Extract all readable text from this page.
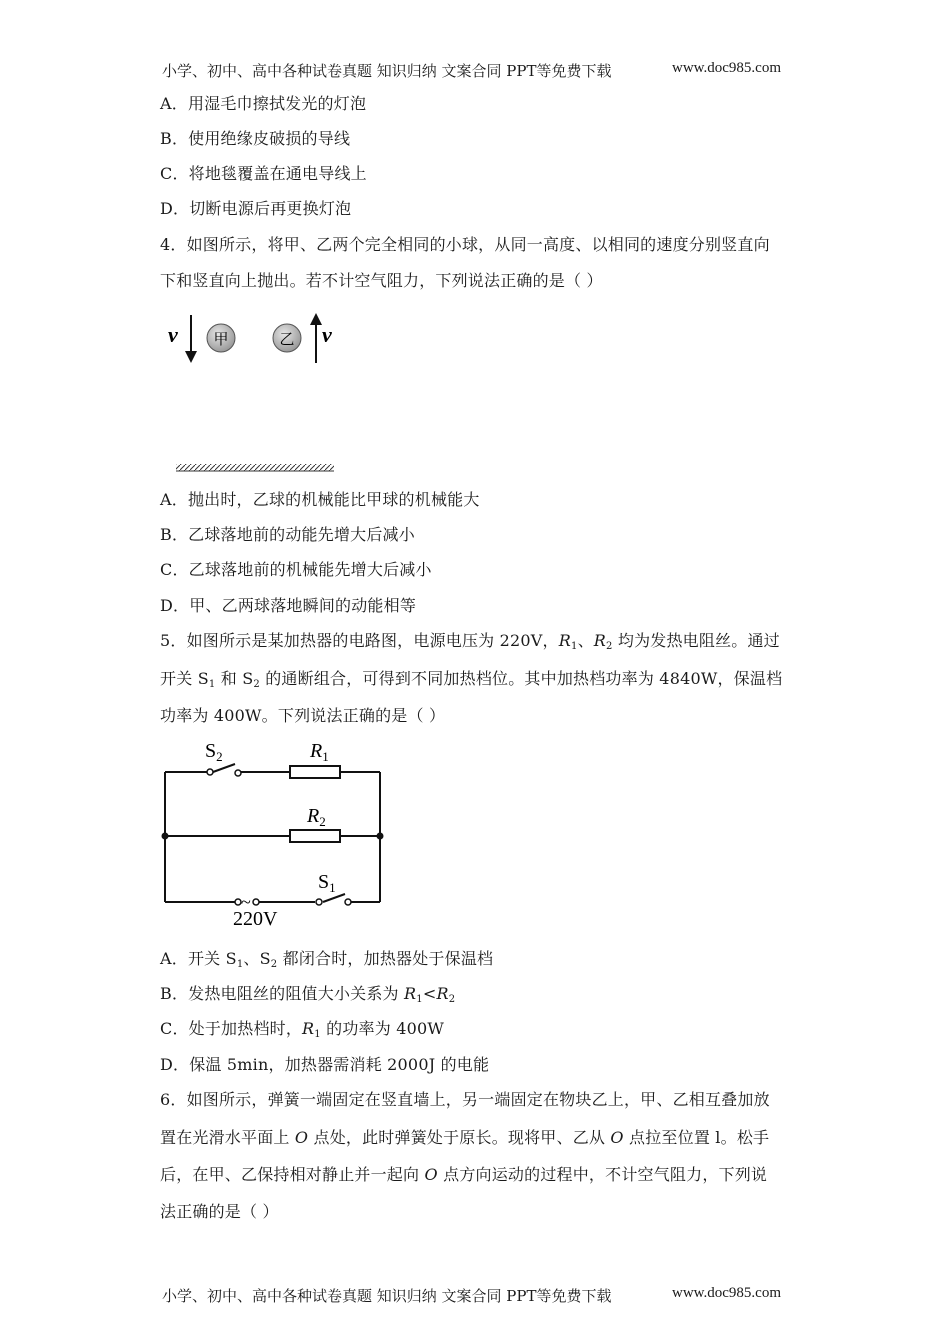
小学、初中、高中各种试卷真题 知识归纳 文案合同 PPT等免费下载	www.doc985.com
A．用湿毛巾擦拭发光的灯泡
B．使用绝缘皮破损的导线
C．将地毯覆盖在通电导线上
D．切断电源后再更换灯泡
4．如图所示，将甲、乙两个完全相同的小球，从同一高度、以相同的速度分别竖直向
下和竖直向上抛出。若不计空气阻力，下列说法正确的是（ ）
v 甲	乙 v
A．抛出时，乙球的机械能比甲球的机械能大
B．乙球落地前的动能先增大后减小
C．乙球落地前的机械能先增大后减小
D．甲、乙两球落地瞬间的动能相等
5．如图所示是某加热器的电路图，电源电压为 220V，$R_1$、$R_2$ 均为发热电阻丝。通过
开关 $S_1$ 和 $S_2$ 的通断组合，可得到不同加热档位。其中加热档功率为 4840W，保温档
功率为 400W。下列说法正确的是（ ）
$S_2$	$R_1$
$R_2$
$S_1$
~
220V
A．开关 $S_1$、$S_2$ 都闭合时，加热器处于保温档
B．发热电阻丝的阻值大小关系为 $R_1<R_2$
C．处于加热档时，$R_1$ 的功率为 400W
D．保温 5min，加热器需消耗 2000J 的电能
6．如图所示，弹簧一端固定在竖直墙上，另一端固定在物块乙上，甲、乙相互叠加放
置在光滑水平面上 O 点处，此时弹簧处于原长。现将甲、乙从 O 点拉至位置 l。松手
后，在甲、乙保持相对静止并一起向 O 点方向运动的过程中，不计空气阻力，下列说
法正确的是（ ）
小学、初中、高中各种试卷真题 知识归纳 文案合同 PPT等免费下载	www.doc985.com
